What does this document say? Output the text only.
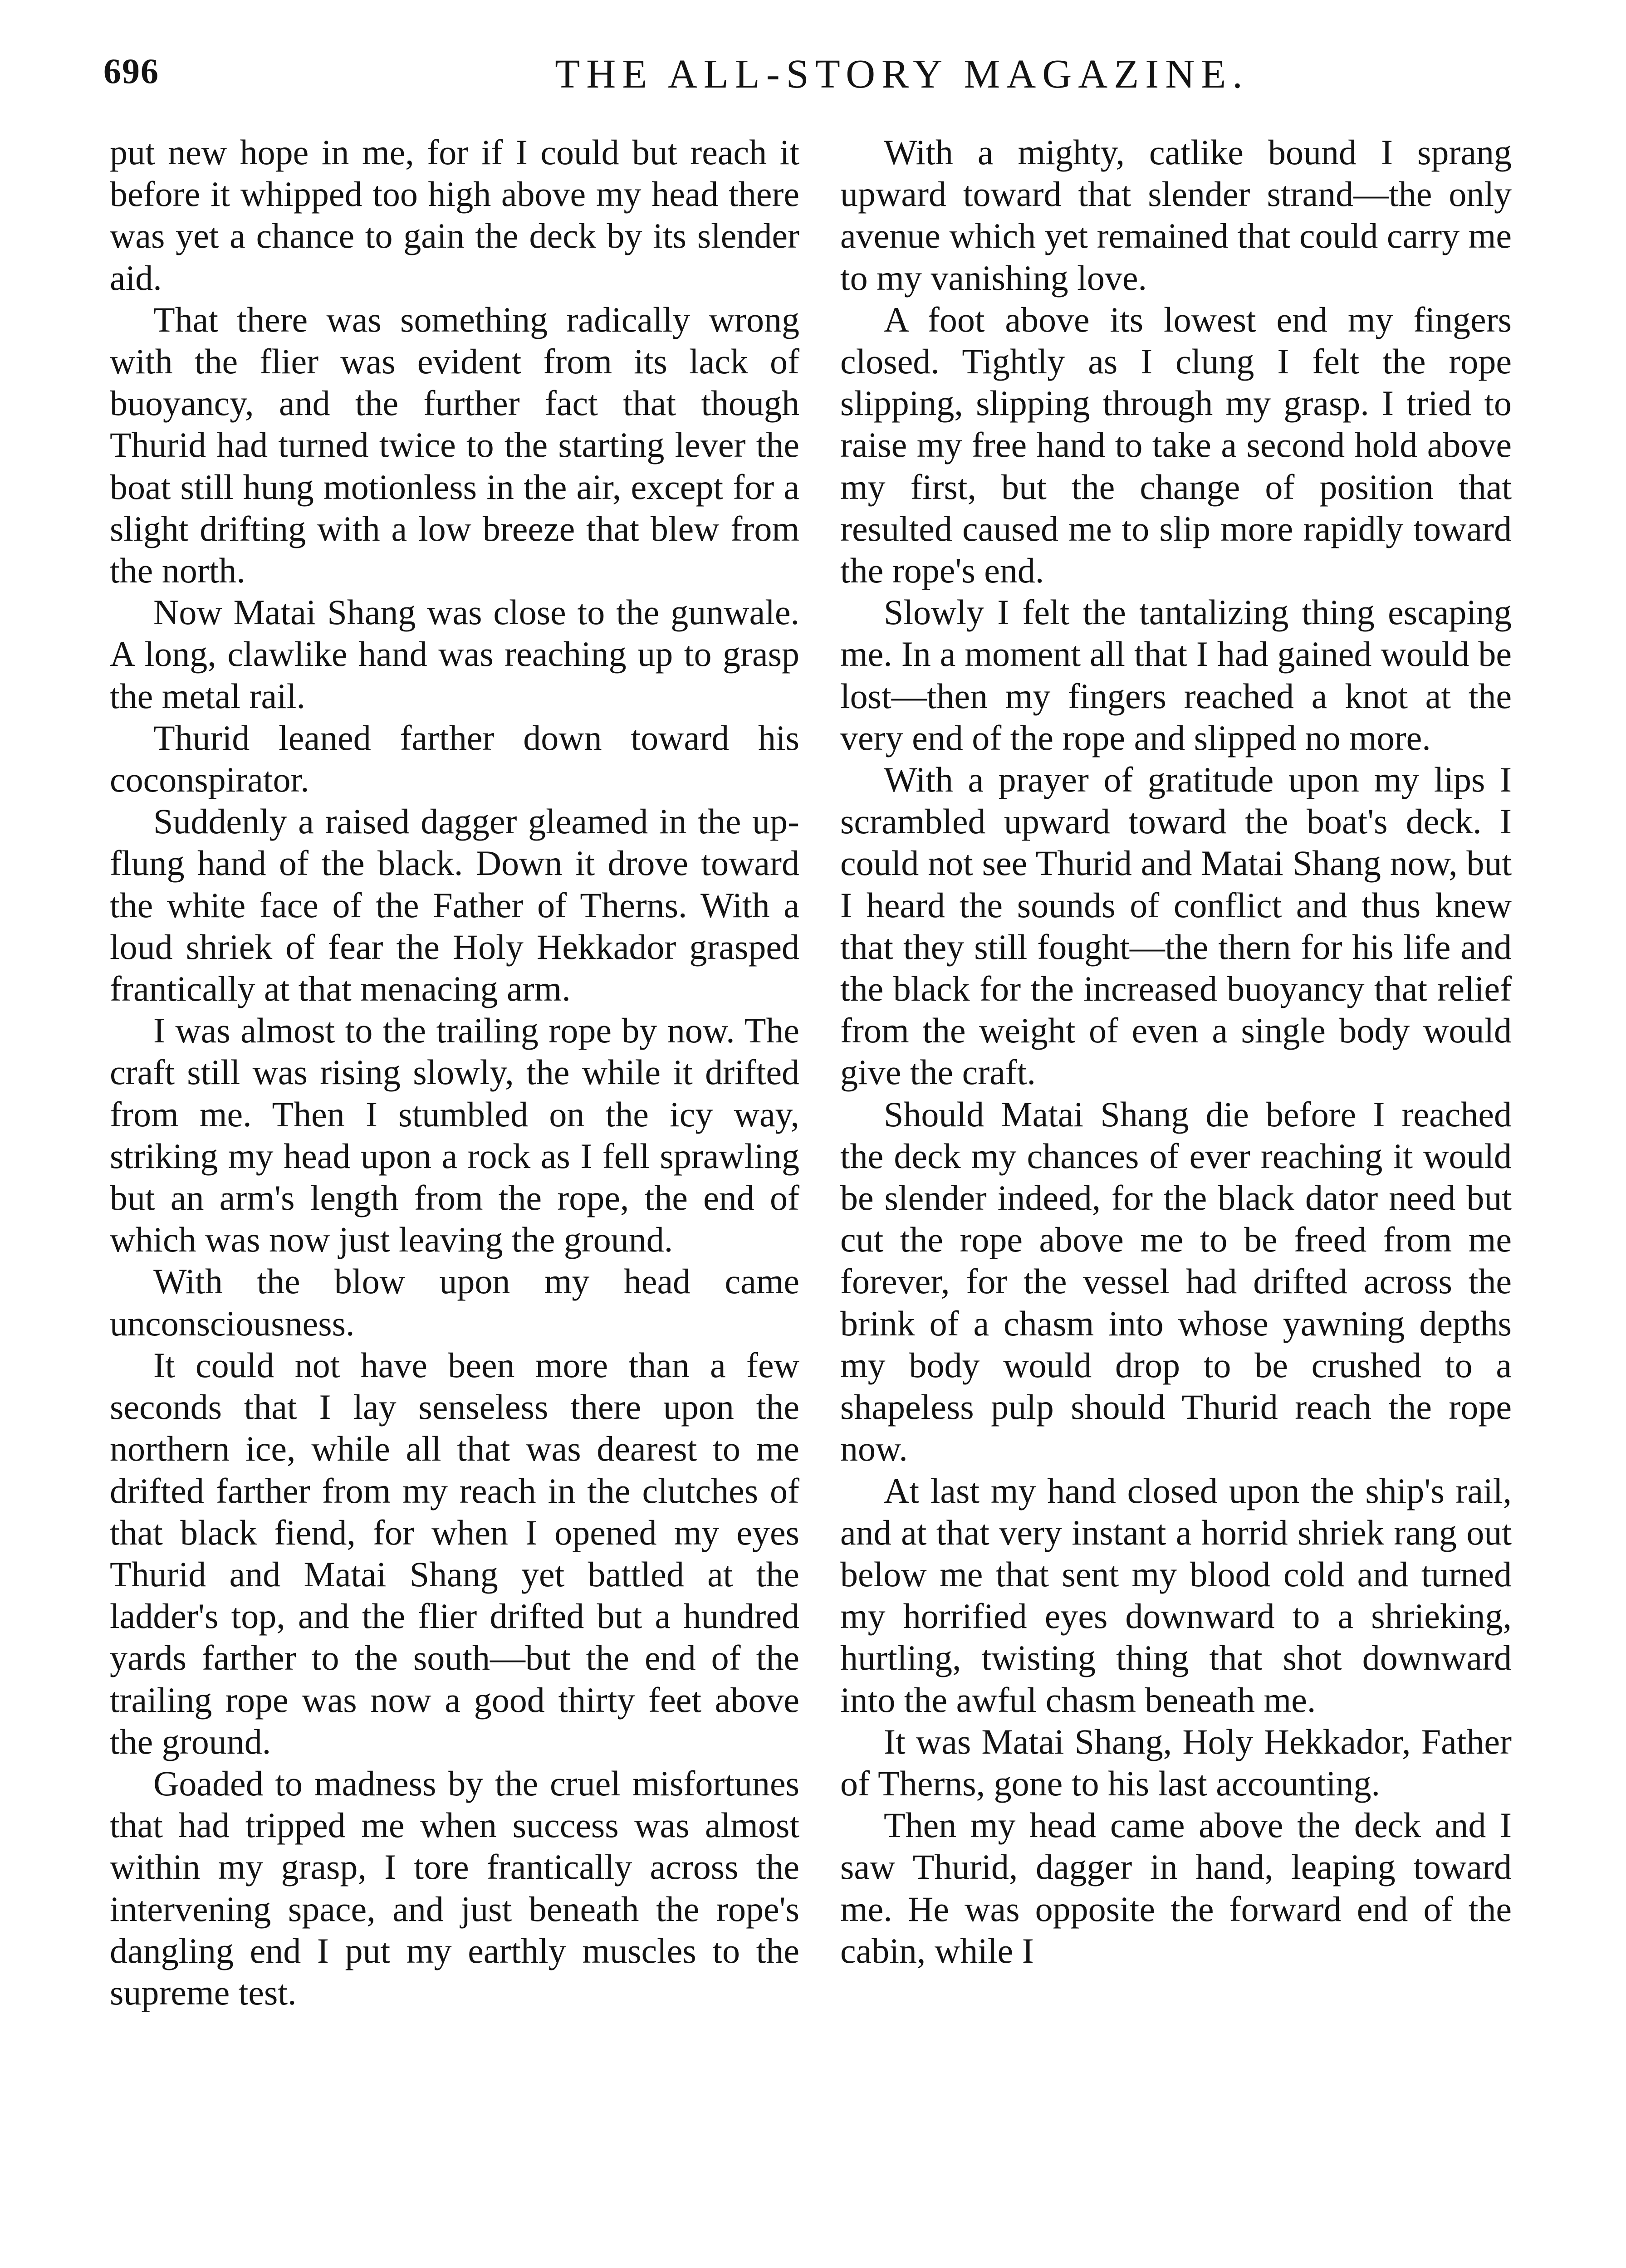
696	THE ALL-STORY MAGAZINE.

put new hope in me, for if I could but reach it before it whipped too high above my head there was yet a chance to gain the deck by its slender aid.

That there was something radically wrong with the flier was evident from its lack of buoyancy, and the further fact that though Thurid had turned twice to the starting lever the boat still hung motionless in the air, except for a slight drifting with a low breeze that blew from the north.

Now Matai Shang was close to the gunwale. A long, clawlike hand was reaching up to grasp the metal rail.

Thurid leaned farther down toward his coconspirator.

Suddenly a raised dagger gleamed in the up-flung hand of the black. Down it drove toward the white face of the Father of Therns. With a loud shriek of fear the Holy Hekkador grasped frantically at that menacing arm.

I was almost to the trailing rope by now. The craft still was rising slowly, the while it drifted from me. Then I stumbled on the icy way, striking my head upon a rock as I fell sprawling but an arm's length from the rope, the end of which was now just leaving the ground.

With the blow upon my head came unconsciousness.

It could not have been more than a few seconds that I lay senseless there upon the northern ice, while all that was dearest to me drifted farther from my reach in the clutches of that black fiend, for when I opened my eyes Thurid and Matai Shang yet battled at the ladder's top, and the flier drifted but a hundred yards farther to the south—but the end of the trailing rope was now a good thirty feet above the ground.

Goaded to madness by the cruel misfortunes that had tripped me when success was almost within my grasp, I tore frantically across the intervening space, and just beneath the rope's dangling end I put my earthly muscles to the supreme test.

With a mighty, catlike bound I sprang upward toward that slender strand—the only avenue which yet remained that could carry me to my vanishing love.

A foot above its lowest end my fingers closed. Tightly as I clung I felt the rope slipping, slipping through my grasp. I tried to raise my free hand to take a second hold above my first, but the change of position that resulted caused me to slip more rapidly toward the rope's end.

Slowly I felt the tantalizing thing escaping me. In a moment all that I had gained would be lost—then my fingers reached a knot at the very end of the rope and slipped no more.

With a prayer of gratitude upon my lips I scrambled upward toward the boat's deck. I could not see Thurid and Matai Shang now, but I heard the sounds of conflict and thus knew that they still fought—the thern for his life and the black for the increased buoyancy that relief from the weight of even a single body would give the craft.

Should Matai Shang die before I reached the deck my chances of ever reaching it would be slender indeed, for the black dator need but cut the rope above me to be freed from me forever, for the vessel had drifted across the brink of a chasm into whose yawning depths my body would drop to be crushed to a shapeless pulp should Thurid reach the rope now.

At last my hand closed upon the ship's rail, and at that very instant a horrid shriek rang out below me that sent my blood cold and turned my horrified eyes downward to a shrieking, hurtling, twisting thing that shot downward into the awful chasm beneath me.

It was Matai Shang, Holy Hekkador, Father of Therns, gone to his last accounting.

Then my head came above the deck and I saw Thurid, dagger in hand, leaping toward me. He was opposite the forward end of the cabin, while I
